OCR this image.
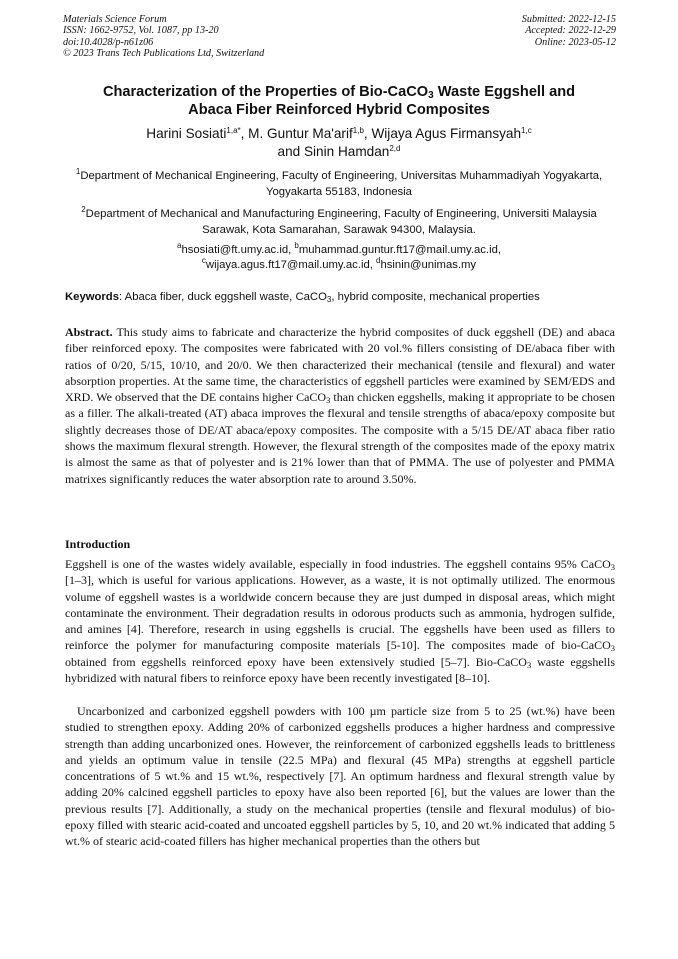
Materials Science Forum
ISSN: 1662-9752, Vol. 1087, pp 13-20
doi:10.4028/p-n61z06
© 2023 Trans Tech Publications Ltd, Switzerland
Submitted: 2022-12-15
Accepted: 2022-12-29
Online: 2023-05-12
Characterization of the Properties of Bio-CaCO$_3$ Waste Eggshell and
Abaca Fiber Reinforced Hybrid Composites
Harini Sosiati$^{1,a*}$, M. Guntur Ma'arif$^{1,b}$, Wijaya Agus Firmansyah$^{1,c}$
and Sinin Hamdan$^{2,d}$
$^1$Department of Mechanical Engineering, Faculty of Engineering, Universitas Muhammadiyah Yogyakarta, Yogyakarta 55183, Indonesia
$^2$Department of Mechanical and Manufacturing Engineering, Faculty of Engineering, Universiti Malaysia Sarawak, Kota Samarahan, Sarawak 94300, Malaysia.
$^a$hsosiati@ft.umy.ac.id, $^b$muhammad.guntur.ft17@mail.umy.ac.id,
$^c$wijaya.agus.ft17@mail.umy.ac.id, $^d$hsinin@unimas.my
Keywords: Abaca fiber, duck eggshell waste, CaCO$_3$, hybrid composite, mechanical properties
Abstract. This study aims to fabricate and characterize the hybrid composites of duck eggshell (DE) and abaca fiber reinforced epoxy. The composites were fabricated with 20 vol.% fillers consisting of DE/abaca fiber with ratios of 0/20, 5/15, 10/10, and 20/0. We then characterized their mechanical (tensile and flexural) and water absorption properties. At the same time, the characteristics of eggshell particles were examined by SEM/EDS and XRD. We observed that the DE contains higher CaCO$_3$ than chicken eggshells, making it appropriate to be chosen as a filler. The alkali-treated (AT) abaca improves the flexural and tensile strengths of abaca/epoxy composite but slightly decreases those of DE/AT abaca/epoxy composites. The composite with a 5/15 DE/AT abaca fiber ratio shows the maximum flexural strength. However, the flexural strength of the composites made of the epoxy matrix is almost the same as that of polyester and is 21% lower than that of PMMA. The use of polyester and PMMA matrixes significantly reduces the water absorption rate to around 3.50%.
Introduction
Eggshell is one of the wastes widely available, especially in food industries. The eggshell contains 95% CaCO$_3$ [1–3], which is useful for various applications. However, as a waste, it is not optimally utilized. The enormous volume of eggshell wastes is a worldwide concern because they are just dumped in disposal areas, which might contaminate the environment. Their degradation results in odorous products such as ammonia, hydrogen sulfide, and amines [4]. Therefore, research in using eggshells is crucial. The eggshells have been used as fillers to reinforce the polymer for manufacturing composite materials [5-10]. The composites made of bio-CaCO$_3$ obtained from eggshells reinforced epoxy have been extensively studied [5–7]. Bio-CaCO$_3$ waste eggshells hybridized with natural fibers to reinforce epoxy have been recently investigated [8–10].
Uncarbonized and carbonized eggshell powders with 100 µm particle size from 5 to 25 (wt.%) have been studied to strengthen epoxy. Adding 20% of carbonized eggshells produces a higher hardness and compressive strength than adding uncarbonized ones. However, the reinforcement of carbonized eggshells leads to brittleness and yields an optimum value in tensile (22.5 MPa) and flexural (45 MPa) strengths at eggshell particle concentrations of 5 wt.% and 15 wt.%, respectively [7]. An optimum hardness and flexural strength value by adding 20% calcined eggshell particles to epoxy have also been reported [6], but the values are lower than the previous results [7]. Additionally, a study on the mechanical properties (tensile and flexural modulus) of bio-epoxy filled with stearic acid-coated and uncoated eggshell particles by 5, 10, and 20 wt.% indicated that adding 5 wt.% of stearic acid-coated fillers has higher mechanical properties than the others but
